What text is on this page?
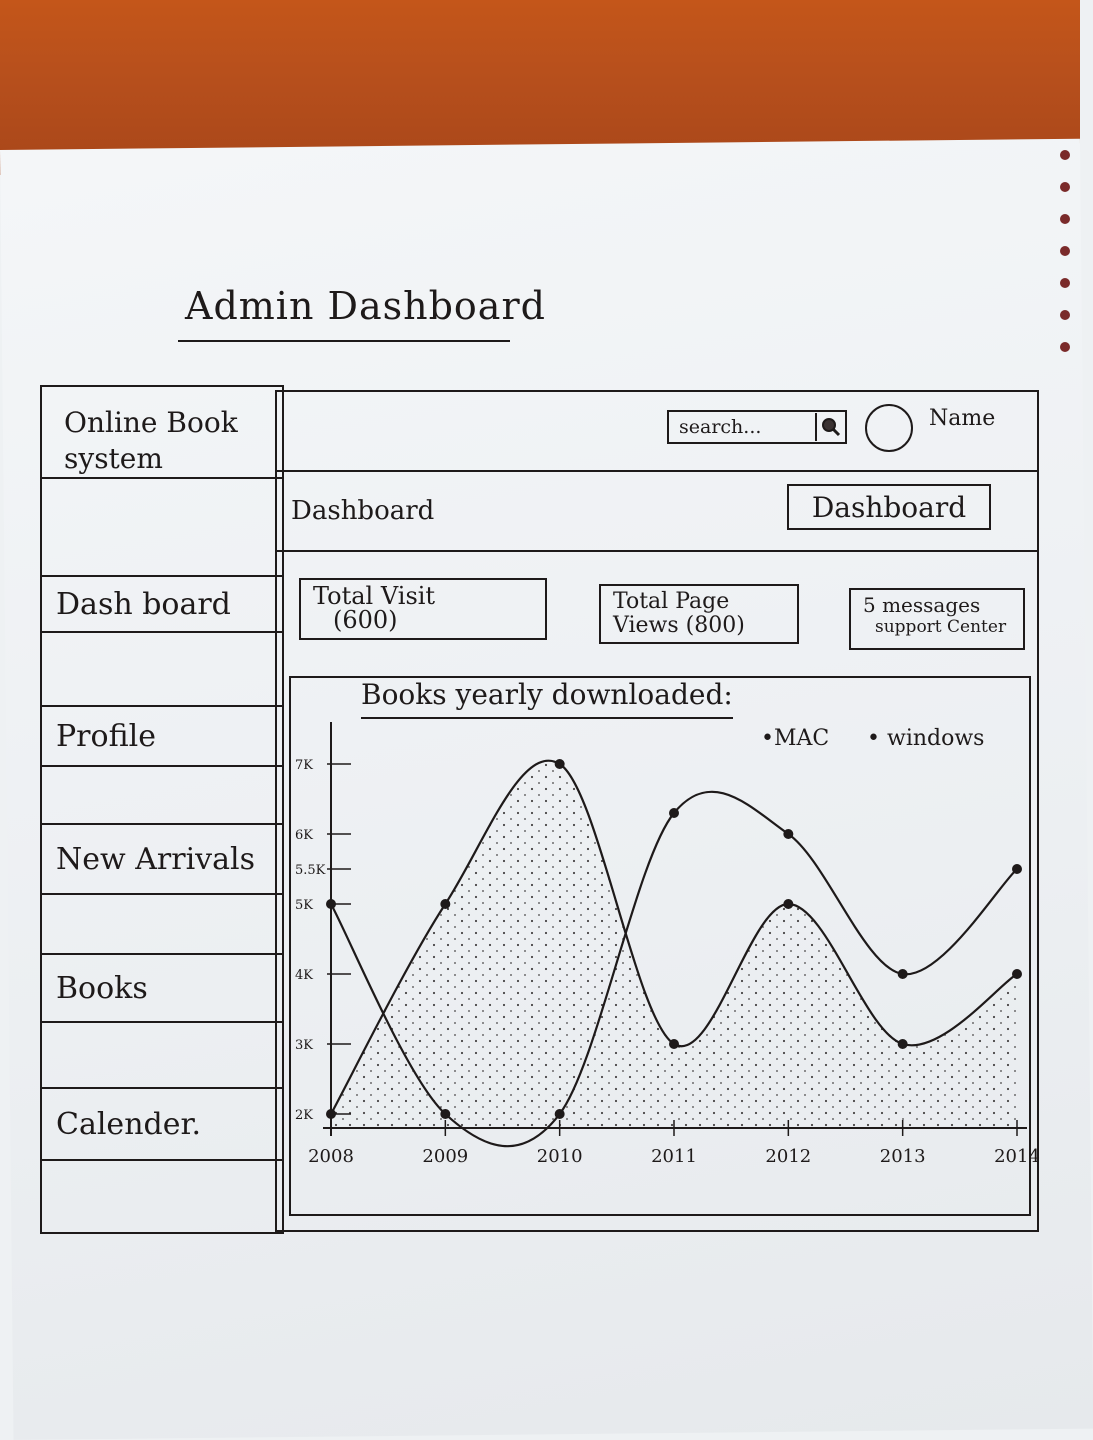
Admin Dashboard
Online Book
system
Dash board
Profile
New Arrivals
Books
Calender.
search...
Name
Dashboard	Dashboard
Total Visit
(600)
Total Page
Views (800)
5 messages
support Center
Books yearly downloaded:
•MAC • windows
2K
3K
4K
5K
5.5K
6K
7K
2008	2009	2010	2011	2012	2013	2014
